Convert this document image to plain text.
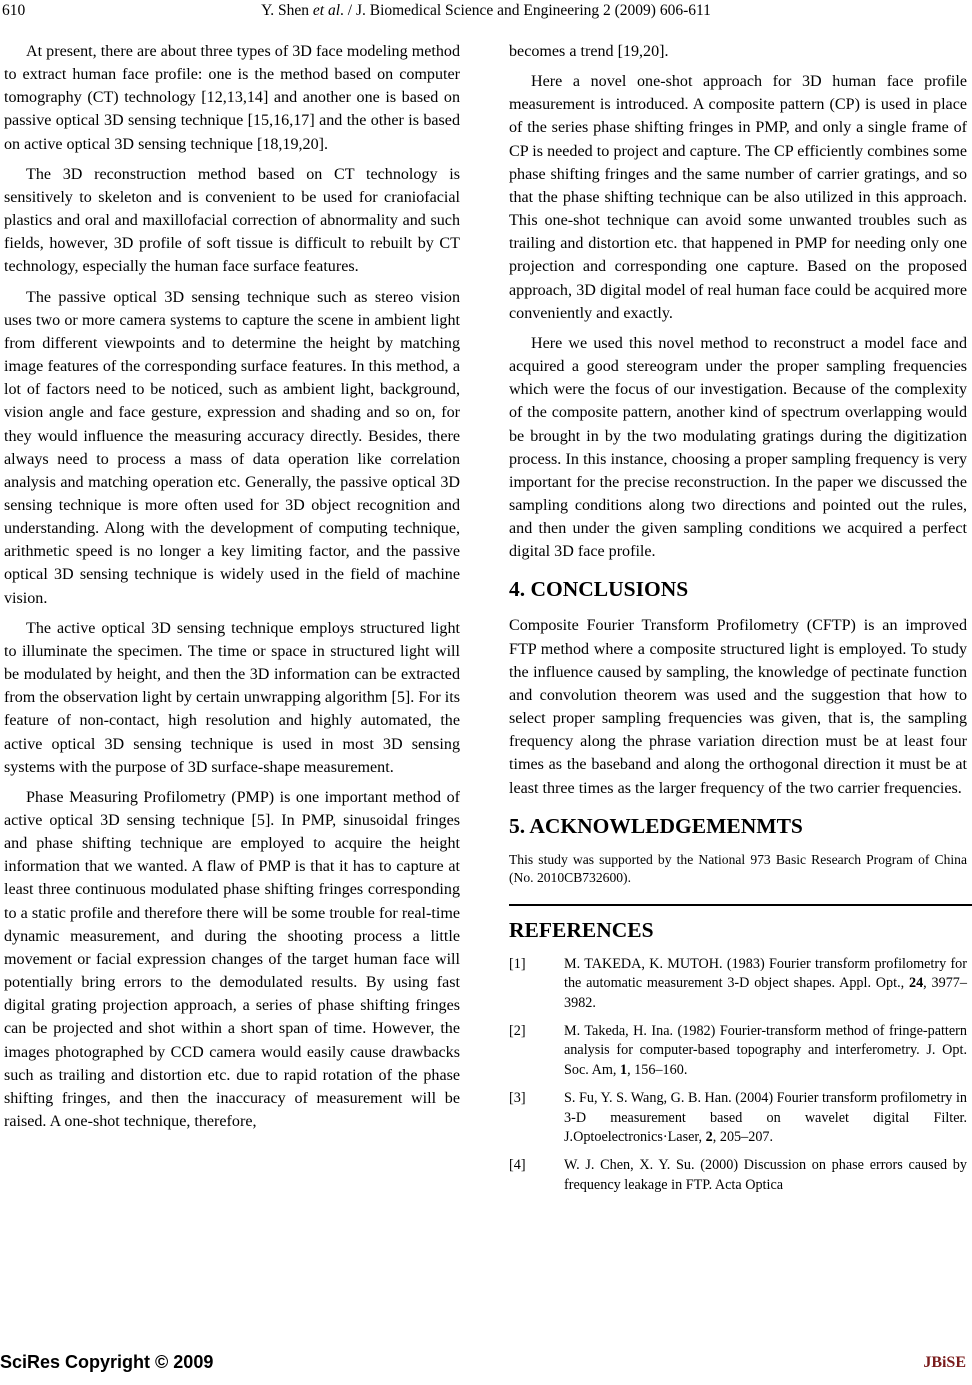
610	Y. Shen et al. / J. Biomedical Science and Engineering 2 (2009) 606-611

At present, there are about three types of 3D face modeling method to extract human face profile: one is the method based on computer tomography (CT) technology [12,13,14] and another one is based on passive optical 3D sensing technique [15,16,17] and the other is based on active optical 3D sensing technique [18,19,20].

The 3D reconstruction method based on CT technology is sensitively to skeleton and is convenient to be used for craniofacial plastics and oral and maxillofacial correction of abnormality and such fields, however, 3D profile of soft tissue is difficult to rebuilt by CT technology, especially the human face surface features.

The passive optical 3D sensing technique such as stereo vision uses two or more camera systems to capture the scene in ambient light from different viewpoints and to determine the height by matching image features of the corresponding surface features. In this method, a lot of factors need to be noticed, such as ambient light, background, vision angle and face gesture, expression and shading and so on, for they would influence the measuring accuracy directly. Besides, there always need to process a mass of data operation like correlation analysis and matching operation etc. Generally, the passive optical 3D sensing technique is more often used for 3D object recognition and understanding. Along with the development of computing technique, arithmetic speed is no longer a key limiting factor, and the passive optical 3D sensing technique is widely used in the field of machine vision.

The active optical 3D sensing technique employs structured light to illuminate the specimen. The time or space in structured light will be modulated by height, and then the 3D information can be extracted from the observation light by certain unwrapping algorithm [5]. For its feature of non-contact, high resolution and highly automated, the active optical 3D sensing technique is used in most 3D sensing systems with the purpose of 3D surface-shape measurement.

Phase Measuring Profilometry (PMP) is one important method of active optical 3D sensing technique [5]. In PMP, sinusoidal fringes and phase shifting technique are employed to acquire the height information that we wanted. A flaw of PMP is that it has to capture at least three continuous modulated phase shifting fringes corresponding to a static profile and therefore there will be some trouble for real-time dynamic measurement, and during the shooting process a little movement or facial expression changes of the target human face will potentially bring errors to the demodulated results. By using fast digital grating projection approach, a series of phase shifting fringes can be projected and shot within a short span of time. However, the images photographed by CCD camera would easily cause drawbacks such as trailing and distortion etc. due to rapid rotation of the phase shifting fringes, and then the inaccuracy of measurement will be raised. A one-shot technique, therefore,

becomes a trend [19,20].

Here a novel one-shot approach for 3D human face profile measurement is introduced. A composite pattern (CP) is used in place of the series phase shifting fringes in PMP, and only a single frame of CP is needed to project and capture. The CP efficiently combines some phase shifting fringes and the same number of carrier gratings, and so that the phase shifting technique can be also utilized in this approach. This one-shot technique can avoid some unwanted troubles such as trailing and distortion etc. that happened in PMP for needing only one projection and corresponding one capture. Based on the proposed approach, 3D digital model of real human face could be acquired more conveniently and exactly.

Here we used this novel method to reconstruct a model face and acquired a good stereogram under the proper sampling frequencies which were the focus of our investigation. Because of the complexity of the composite pattern, another kind of spectrum overlapping would be brought in by the two modulating gratings during the digitization process. In this instance, choosing a proper sampling frequency is very important for the precise reconstruction. In the paper we discussed the sampling conditions along two directions and pointed out the rules, and then under the given sampling conditions we acquired a perfect digital 3D face profile.

4. CONCLUSIONS

Composite Fourier Transform Profilometry (CFTP) is an improved FTP method where a composite structured light is employed. To study the influence caused by sampling, the knowledge of pectinate function and convolution theorem was used and the suggestion that how to select proper sampling frequencies was given, that is, the sampling frequency along the phrase variation direction must be at least four times as the baseband and along the orthogonal direction it must be at least three times as the larger frequency of the two carrier frequencies.

5. ACKNOWLEDGEMENMTS
This study was supported by the National 973 Basic Research Program of China (No. 2010CB732600).
REFERENCES
[1]	M. TAKEDA, K. MUTOH. (1983) Fourier transform profilometry for the automatic measurement 3-D object shapes. Appl. Opt., 24, 3977–3982.
[2]	M. Takeda, H. Ina. (1982) Fourier-transform method of fringe-pattern analysis for computer-based topography and interferometry. J. Opt. Soc. Am, 1, 156–160.
[3]	S. Fu, Y. S. Wang, G. B. Han. (2004) Fourier transform profilometry in 3-D measurement based on wavelet digital Filter. J.Optoelectronics·Laser, 2, 205–207.
[4]	W. J. Chen, X. Y. Su. (2000) Discussion on phase errors caused by frequency leakage in FTP. Acta Optica
SciRes Copyright © 2009	JBiSE
